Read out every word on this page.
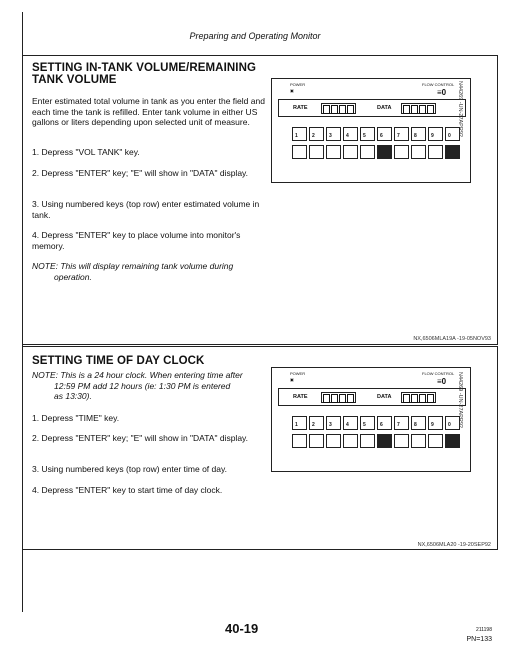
Preparing and Operating Monitor
SETTING IN-TANK VOLUME/REMAINING
TANK VOLUME
Enter estimated total volume in tank as you enter the field and each time the tank is refilled. Enter tank volume in either US gallons or liters depending upon selected unit of measure.
1. Depress "VOL TANK" key.
2. Depress "ENTER" key; "E" will show in "DATA" display.
3. Using numbered keys (top row) enter estimated volume in tank.
4. Depress "ENTER" key to place volume into monitor's memory.
NOTE: This will display remaining tank volume during
operation.
NX,6506MLA19A -19-05NOV93
POWER
▣
FLOW CONTROL
≡0
RATE	DATA
1	2	3	4	5	6	7	8	9	0 N44269 -UN-27APR92
SETTING TIME OF DAY CLOCK
NOTE: This is a 24 hour clock. When entering time after
12:59 PM add 12 hours (ie: 1:30 PM is entered
as 13:30).
1. Depress "TIME" key.
2. Depress "ENTER" key; "E" will show in "DATA" display.
3. Using numbered keys (top row) enter time of day.
4. Depress "ENTER" key to start time of day clock.
NX,6506MLA20 -19-20SEP92
POWER
▣
FLOW CONTROL
≡0
RATE	DATA
1	2	3	4	5	6	7	8	9	0 N44269 -UN-27APR92
40-19	211198
PN=133
